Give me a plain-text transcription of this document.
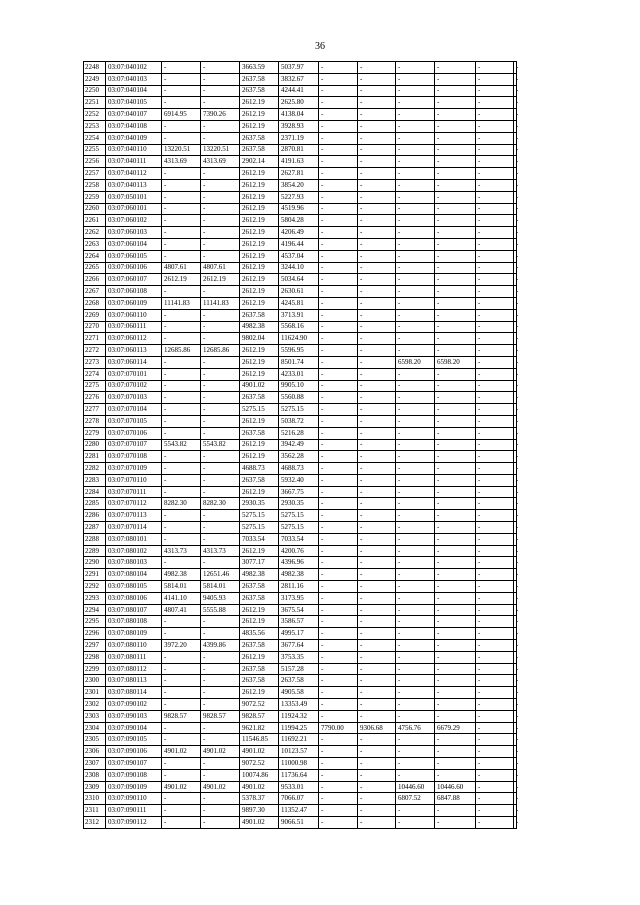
36
2248	03:07:040102	-	-	3663.59	5037.97	-	-	-	-	-	-
2249	03:07:040103	-	-	2637.58	3832.67	-	-	-	-	-	-
2250	03:07:040104	-	-	2637.58	4244.41	-	-	-	-	-	-
2251	03:07:040105	-	-	2612.19	2625.80	-	-	-	-	-	-
2252	03:07:040107	6914.95	7390.26	2612.19	4138.04	-	-	-	-	-	-
2253	03:07:040108	-	-	2612.19	3928.93	-	-	-	-	-	-
2254	03:07:040109	-	-	2637.58	2371.19	-	-	-	-	-	-
2255	03:07:040110	13220.51	13220.51	2637.58	2870.81	-	-	-	-	-	-
2256	03:07:040111	4313.69	4313.69	2902.14	4191.63	-	-	-	-	-	-
2257	03:07:040112	-	-	2612.19	2627.81	-	-	-	-	-	-
2258	03:07:040113	-	-	2612.19	3854.20	-	-	-	-	-	-
2259	03:07:050101	-	-	2612.19	5227.93	-	-	-	-	-	-
2260	03:07:060101	-	-	2612.19	4519.96	-	-	-	-	-	-
2261	03:07:060102	-	-	2612.19	5804.28	-	-	-	-	-	-
2262	03:07:060103	-	-	2612.19	4206.49	-	-	-	-	-	-
2263	03:07:060104	-	-	2612.19	4196.44	-	-	-	-	-	-
2264	03:07:060105	-	-	2612.19	4537.04	-	-	-	-	-	-
2265	03:07:060106	4807.61	4807.61	2612.19	3244.10	-	-	-	-	-	-
2266	03:07:060107	2612.19	2612.19	2612.19	5034.64	-	-	-	-	-	-
2267	03:07:060108	-	-	2612.19	2630.61	-	-	-	-	-	-
2268	03:07:060109	11141.83	11141.83	2612.19	4245.81	-	-	-	-	-	-
2269	03:07:060110	-	-	2637.58	3713.91	-	-	-	-	-	-
2270	03:07:060111	-	-	4982.38	5568.16	-	-	-	-	-	-
2271	03:07:060112	-	-	9802.04	11624.90	-	-	-	-	-	-
2272	03:07:060113	12685.86	12685.86	2612.19	5596.95	-	-	-	-	-	-
2273	03:07:060114	-	-	2612.19	8501.74	-	-	6598.20	6598.20	-	-
2274	03:07:070101	-	-	2612.19	4233.01	-	-	-	-	-	-
2275	03:07:070102	-	-	4901.02	9905.10	-	-	-	-	-	-
2276	03:07:070103	-	-	2637.58	5560.88	-	-	-	-	-	-
2277	03:07:070104	-	-	5275.15	5275.15	-	-	-	-	-	-
2278	03:07:070105	-	-	2612.19	5038.72	-	-	-	-	-	-
2279	03:07:070106	-	-	2637.58	5216.28	-	-	-	-	-	-
2280	03:07:070107	5543.82	5543.82	2612.19	3942.49	-	-	-	-	-	-
2281	03:07:070108	-	-	2612.19	3562.28	-	-	-	-	-	-
2282	03:07:070109	-	-	4688.73	4688.73	-	-	-	-	-	-
2283	03:07:070110	-	-	2637.58	5932.40	-	-	-	-	-	-
2284	03:07:070111	-	-	2612.19	3667.75	-	-	-	-	-	-
2285	03:07:070112	8282.30	8282.30	2930.35	2930.35	-	-	-	-	-	-
2286	03:07:070113	-	-	5275.15	5275.15	-	-	-	-	-	-
2287	03:07:070114	-	-	5275.15	5275.15	-	-	-	-	-	-
2288	03:07:080101	-	-	7033.54	7033.54	-	-	-	-	-	-
2289	03:07:080102	4313.73	4313.73	2612.19	4200.76	-	-	-	-	-	-
2290	03:07:080103	-	-	3077.17	4396.96	-	-	-	-	-	-
2291	03:07:080104	4982.38	12651.46	4982.38	4982.38	-	-	-	-	-	-
2292	03:07:080105	5814.01	5814.01	2637.58	2811.16	-	-	-	-	-	-
2293	03:07:080106	4141.10	9405.93	2637.58	3173.95	-	-	-	-	-	-
2294	03:07:080107	4807.41	5555.88	2612.19	3675.54	-	-	-	-	-	-
2295	03:07:080108	-	-	2612.19	3586.57	-	-	-	-	-	-
2296	03:07:080109	-	-	4835.56	4995.17	-	-	-	-	-	-
2297	03:07:080110	3972.20	4399.86	2637.58	3677.64	-	-	-	-	-	-
2298	03:07:080111	-	-	2612.19	3753.35	-	-	-	-	-	-
2299	03:07:080112	-	-	2637.58	5157.28	-	-	-	-	-	-
2300	03:07:080113	-	-	2637.58	2637.58	-	-	-	-	-	-
2301	03:07:080114	-	-	2612.19	4905.58	-	-	-	-	-	-
2302	03:07:090102	-	-	9072.52	13353.49	-	-	-	-	-	-
2303	03:07:090103	9828.57	9828.57	9828.57	11924.32	-	-	-	-	-	-
2304	03:07:090104	-	-	9621.82	11994.25	7790.00	9306.68	4756.76	6679.29	-	-
2305	03:07:090105	-	-	11546.85	11692.21	-	-	-	-	-	-
2306	03:07:090106	4901.02	4901.02	4901.02	10123.57	-	-	-	-	-	-
2307	03:07:090107	-	-	9072.52	11000.98	-	-	-	-	-	-
2308	03:07:090108	-	-	10074.86	11736.64	-	-	-	-	-	-
2309	03:07:090109	4901.02	4901.02	4901.02	9533.01	-	-	10446.60	10446.60	-	-
2310	03:07:090110	-	-	5378.37	7066.07	-	-	6807.52	6847.88	-	-
2311	03:07:090111	-	-	9897.30	11352.47	-	-	-	-	-	-
2312	03:07:090112	-	-	4901.02	9066.51	-	-	-	-	-	-
